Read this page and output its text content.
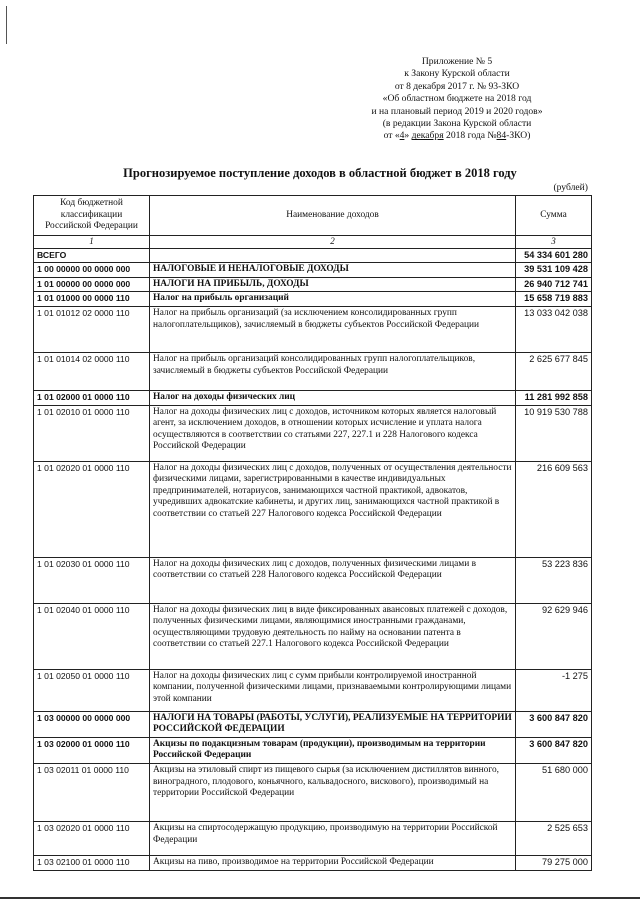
Приложение № 5
к Закону Курской области
от 8 декабря 2017 г. № 93-ЗКО
«Об областном бюджете на 2018 год
и на плановый период 2019 и 2020 годов»
(в редакции Закона Курской области
от «4» декабря 2018 года №84-ЗКО)
Прогнозируемое поступление доходов в областной бюджет в 2018 году
(рублей)
Код бюджетной классификации Российской Федерации	Наименование доходов	Сумма
1	2	3
ВСЕГО		54 334 601 280
1 00 00000 00 0000 000	НАЛОГОВЫЕ И НЕНАЛОГОВЫЕ ДОХОДЫ	39 531 109 428
1 01 00000 00 0000 000	НАЛОГИ НА ПРИБЫЛЬ, ДОХОДЫ	26 940 712 741
1 01 01000 00 0000 110	Налог на прибыль организаций	15 658 719 883
1 01 01012 02 0000 110	Налог на прибыль организаций (за исключением консолидированных групп налогоплательщиков), зачисляемый в бюджеты субъектов Российской Федерации	13 033 042 038
1 01 01014 02 0000 110	Налог на прибыль организаций консолидированных групп налогоплательщиков, зачисляемый в бюджеты субъектов Российской Федерации	2 625 677 845
1 01 02000 01 0000 110	Налог на доходы физических лиц	11 281 992 858
1 01 02010 01 0000 110	Налог на доходы физических лиц с доходов, источником которых является налоговый агент, за исключением доходов, в отношении которых исчисление и уплата налога осуществляются в соответствии со статьями 227, 227.1 и 228 Налогового кодекса Российской Федерации	10 919 530 788
1 01 02020 01 0000 110	Налог на доходы физических лиц с доходов, полученных от осуществления деятельности физическими лицами, зарегистрированными в качестве индивидуальных предпринимателей, нотариусов, занимающихся частной практикой, адвокатов, учредивших адвокатские кабинеты, и других лиц, занимающихся частной практикой в соответствии со статьей 227 Налогового кодекса Российской Федерации	216 609 563
1 01 02030 01 0000 110	Налог на доходы физических лиц с доходов, полученных физическими лицами в соответствии со статьей 228 Налогового кодекса Российской Федерации	53 223 836
1 01 02040 01 0000 110	Налог на доходы физических лиц в виде фиксированных авансовых платежей с доходов, полученных физическими лицами, являющимися иностранными гражданами, осуществляющими трудовую деятельность по найму на основании патента в соответствии со статьей 227.1 Налогового кодекса Российской Федерации	92 629 946
1 01 02050 01 0000 110	Налог на доходы физических лиц с сумм прибыли контролируемой иностранной компании, полученной физическими лицами, признаваемыми контролирующими лицами этой компании	-1 275
1 03 00000 00 0000 000	НАЛОГИ НА ТОВАРЫ (РАБОТЫ, УСЛУГИ), РЕАЛИЗУЕМЫЕ НА ТЕРРИТОРИИ РОССИЙСКОЙ ФЕДЕРАЦИИ	3 600 847 820
1 03 02000 01 0000 110	Акцизы по подакцизным товарам (продукции), производимым на территории Российской Федерации	3 600 847 820
1 03 02011 01 0000 110	Акцизы на этиловый спирт из пищевого сырья (за исключением дистиллятов винного, виноградного, плодового, коньячного, кальвадосного, вискового), производимый на территории Российской Федерации	51 680 000
1 03 02020 01 0000 110	Акцизы на спиртосодержащую продукцию, производимую на территории Российской Федерации	2 525 653
1 03 02100 01 0000 110	Акцизы на пиво, производимое на территории Российской Федерации	79 275 000
